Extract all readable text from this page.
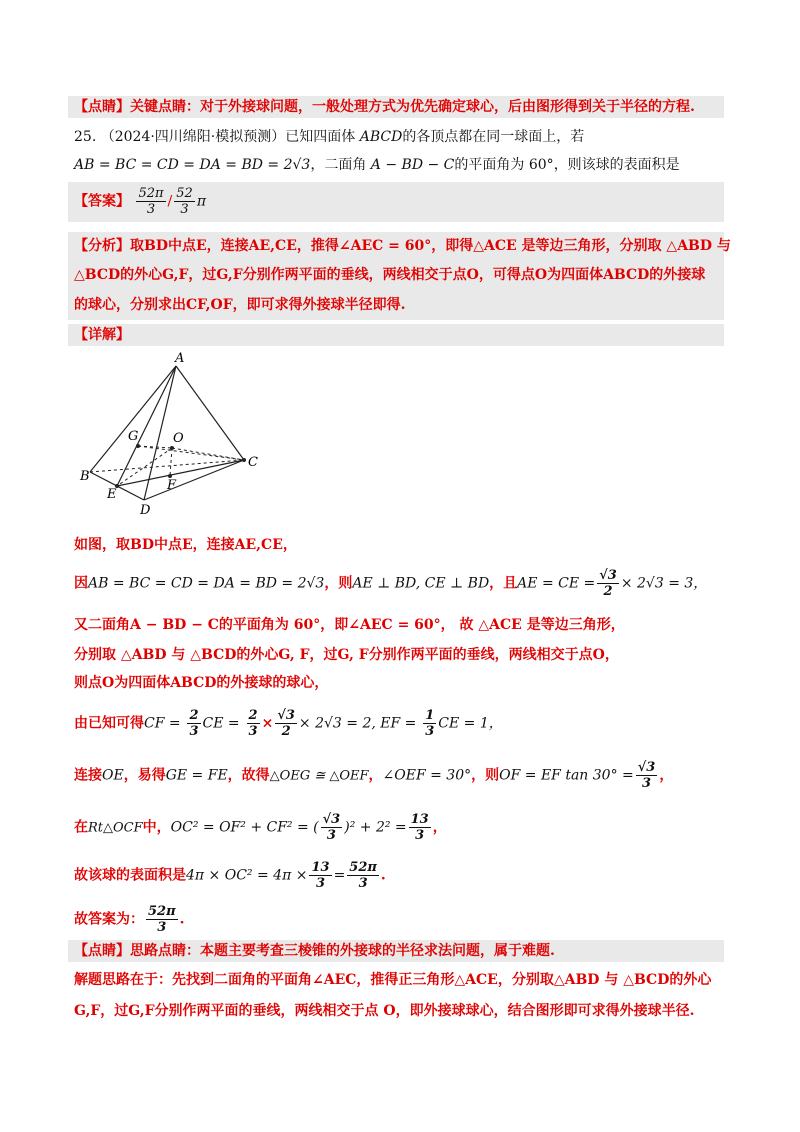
【点睛】关键点睛：对于外接球问题，一般处理方式为优先确定球心，后由图形得到关于半径的方程.
25. （2024·四川绵阳·模拟预测）已知四面体 ABCD的各顶点都在同一球面上，若
AB = BC = CD = DA = BD = 2√3，二面角 A − BD − C的平面角为 60°，则该球的表面积是
【答案】 $\frac{52\pi}{3} / \frac{52}{3}$ π
【分析】取BD中点E，连接AE,CE，推得∠AEC = 60°，即得△ACE 是等边三角形，分别取 △ABD 与
△BCD的外心G,F，过G,F分别作两平面的垂线，两线相交于点O，可得点O为四面体ABCD的外接球
的球心，分别求出CF,OF，即可求得外接球半径即得.
【详解】
A
B
C
D
E
F
G	O
如图，取BD中点E，连接AE,CE，
因AB = BC = CD = DA = BD = 2√3，则AE ⊥ BD, CE ⊥ BD，且AE = CE = $\frac{√3}{2} \times 2√3 = 3$，
又二面角A − BD − C的平面角为 60°，即∠AEC = 60°， 故 △ACE 是等边三角形，
分别取 △ABD 与 △BCD的外心G, F，过G, F分别作两平面的垂线，两线相交于点O，
则点O为四面体ABCD的外接球的球心，
由已知可得CF = $\frac{2}{3}$ CE = $\frac{2}{3} \times \frac{√3}{2} \times 2√3 = 2$, EF = $\frac{1}{3}$ CE = 1，
连接OE，易得GE = FE，故得△OEG ≅ △OEF，∠OEF = 30°，则OF = EF $\tan 30^\circ = \frac{√3}{3}$ ，
在Rt△OCF中，OC² = OF² + CF² = ( $\frac{√3}{3} )^2 + 2^2 = \frac{13}{3}$ ，
故该球的表面积是$4\pi \times OC^2 = 4\pi \times \frac{13}{3} = \frac{52\pi}{3}$ .
故答案为： $\frac{52\pi}{3}$ .
【点睛】思路点睛：本题主要考查三棱锥的外接球的半径求法问题，属于难题.
解题思路在于：先找到二面角的平面角∠AEC，推得正三角形△ACE，分别取△ABD 与 △BCD的外心
G,F，过G,F分别作两平面的垂线，两线相交于点 O，即外接球球心，结合图形即可求得外接球半径.
